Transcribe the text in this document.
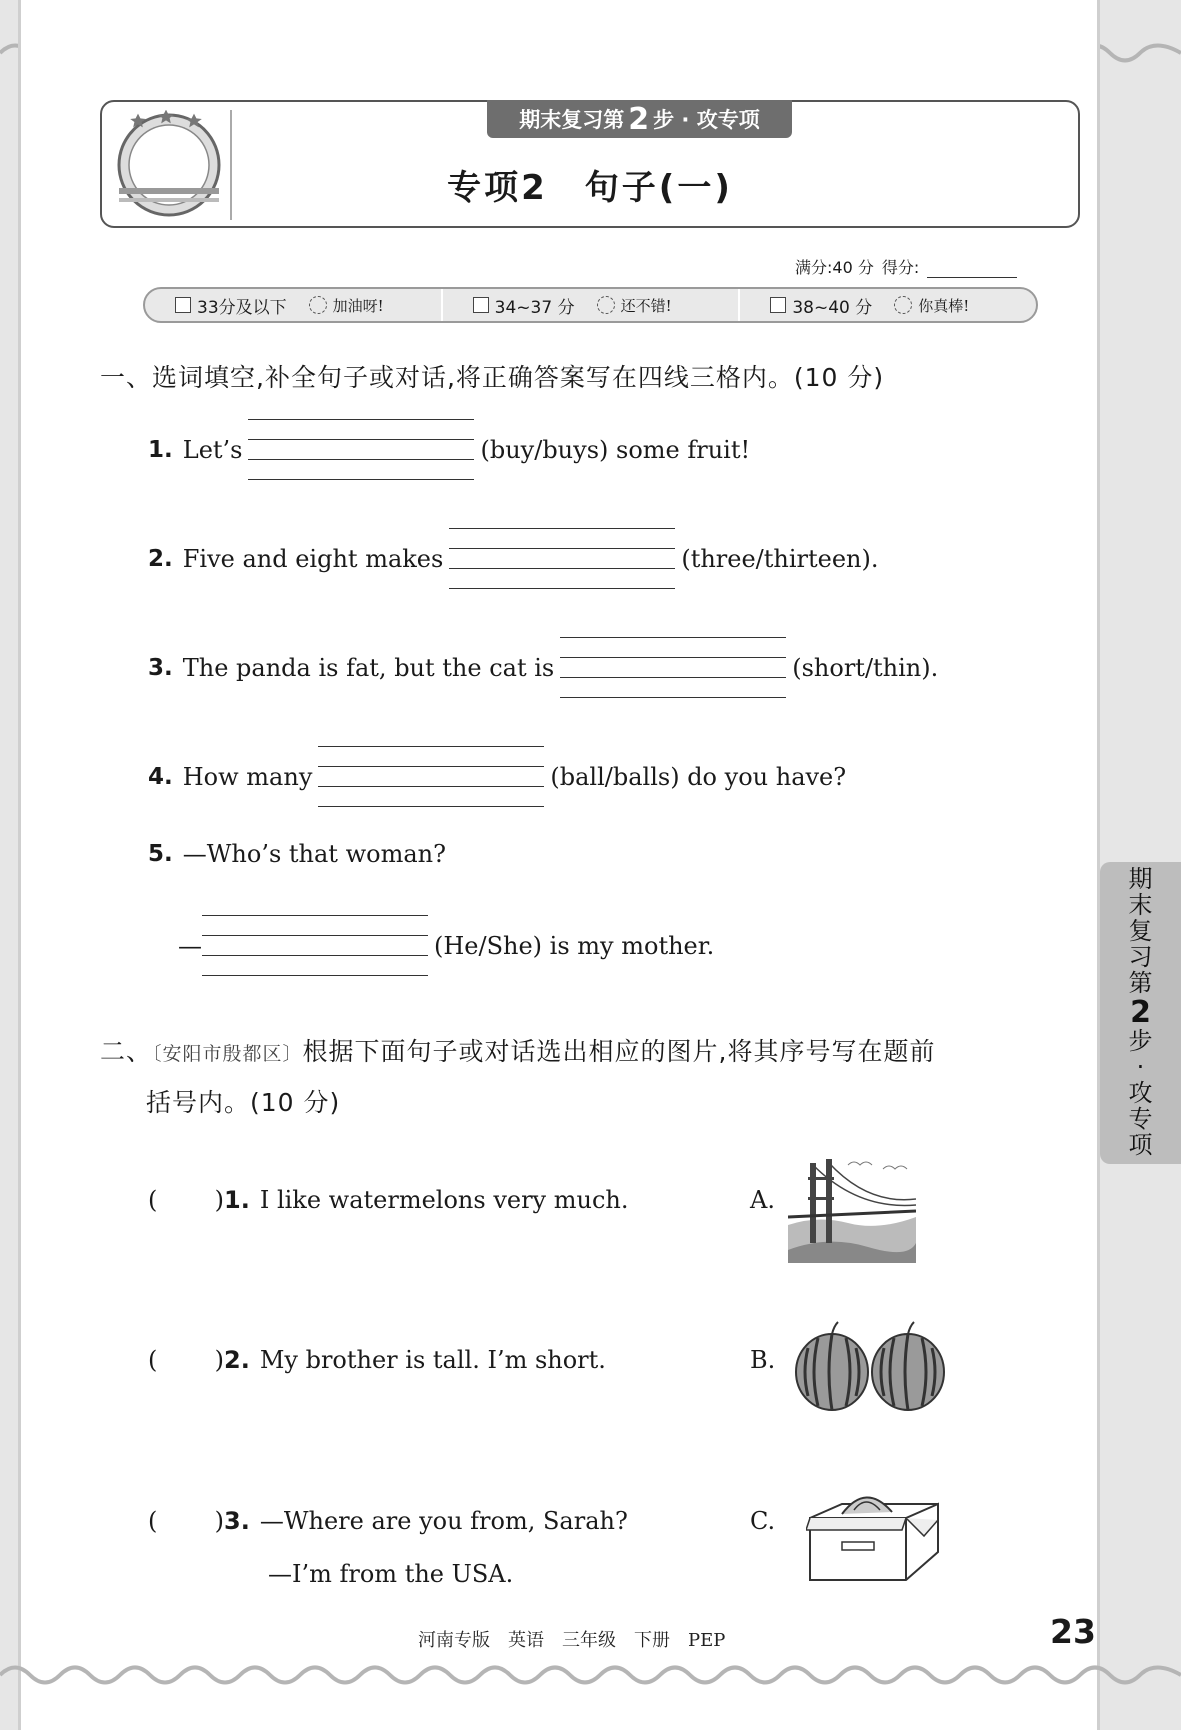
期末复习第 2 步 · 攻专项
专项2　句子(一)
满分:40 分 得分:
33分及以下	加油呀!	34~37 分	还不错!	38~40 分	你真棒!
一、选词填空,补全句子或对话,将正确答案写在四线三格内。(10 分)
1. Let’s	(buy/buys) some fruit!
2. Five and eight makes	(three/thirteen).
3. The panda is fat, but the cat is	(short/thin).
4. How many	(ball/balls) do you have?
5. —Who’s that woman?
—	(He/She) is my mother.
二、〔安阳市殷都区〕根据下面句子或对话选出相应的图片,将其序号写在题前
括号内。(10 分)
( ) 1. I like watermelons very much.
( ) 2. My brother is tall. I’m short.
( ) 3. —Where are you from, Sarah?
—I’m from the USA.
A.
B.
C.
期
末
复
习
第
2
步
·
攻
专
项
河南专版　英语　三年级　下册　PEP	23
